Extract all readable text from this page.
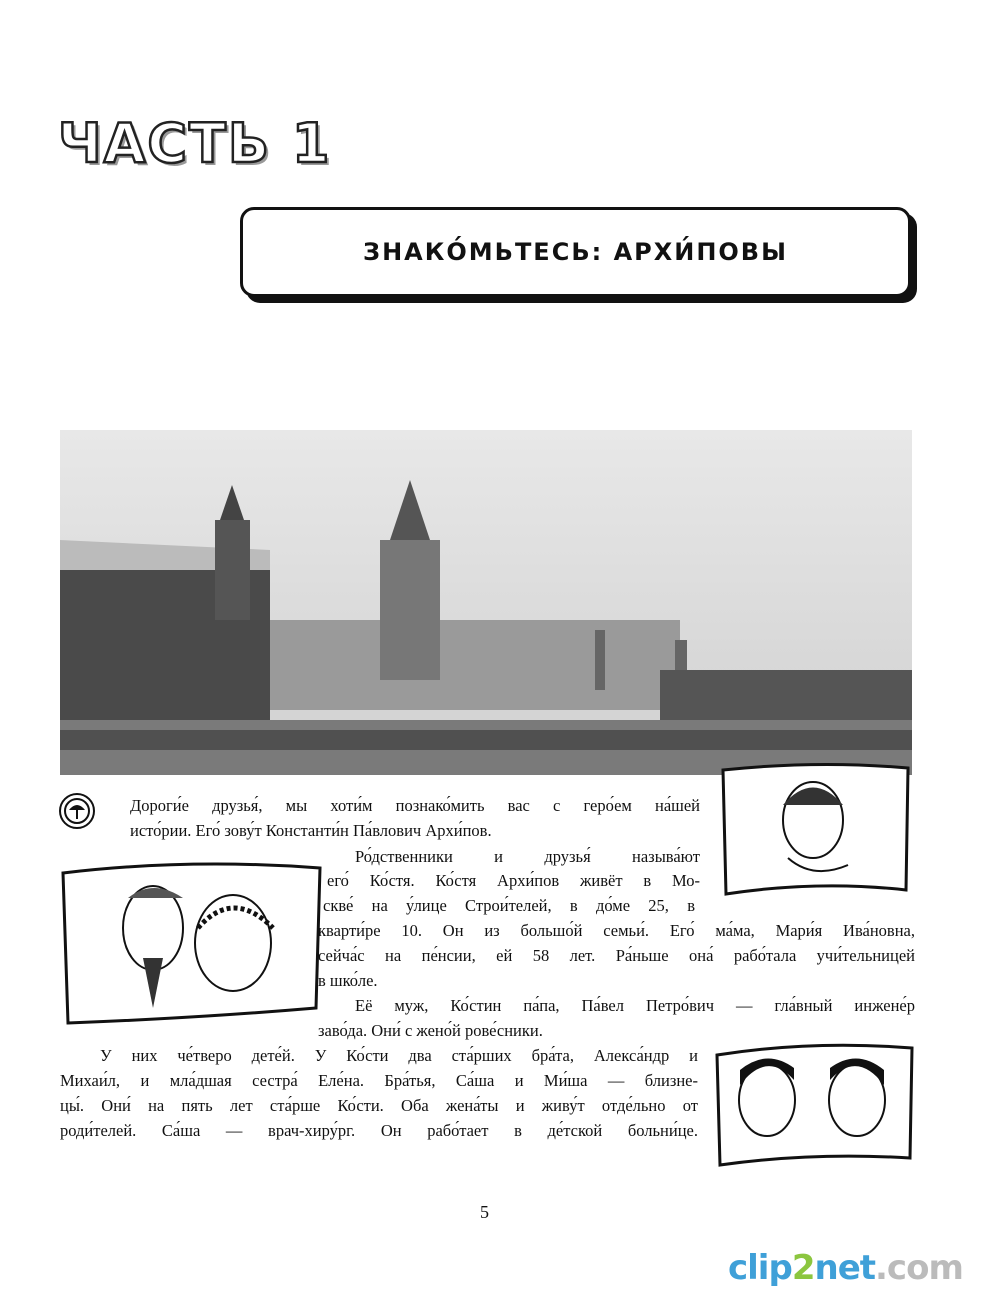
ЧАСТЬ 1
ЗНАКО́МЬТЕСЬ: АРХИ́ПОВЫ
Дороги́е друзья́, мы хоти́м познако́мить вас с геро́ем на́шей
исто́рии. Его́ зову́т Константи́н Па́влович Архи́пов.
Ро́дственники и друзья́ называ́ют
его́ Ко́стя. Ко́стя Архи́пов живёт в Мо-
скве́ на у́лице Строи́телей, в до́ме 25, в
кварти́ре 10. Он из большо́й семьи́. Его́ ма́ма, Мари́я Ива́новна,
сейча́с на пе́нсии, ей 58 лет. Ра́ньше она́ рабо́тала учи́тельницей
в шко́ле.
Её муж, Ко́стин па́па, Па́вел Петро́вич — гла́вный инжене́р
заво́да. Они́ с жено́й рове́сники.
У них че́тверо дете́й. У Ко́сти два ста́рших бра́та, Алекса́ндр и
Михаи́л, и мла́дшая сестра́ Еле́на. Бра́тья, Са́ша и Ми́ша — близне-
цы́. Они́ на пять лет ста́рше Ко́сти. Оба жена́ты и живу́т отде́льно от
роди́телей. Са́ша — врач-хиру́рг. Он рабо́тает в де́тской больни́це.
5
clip2net.com
